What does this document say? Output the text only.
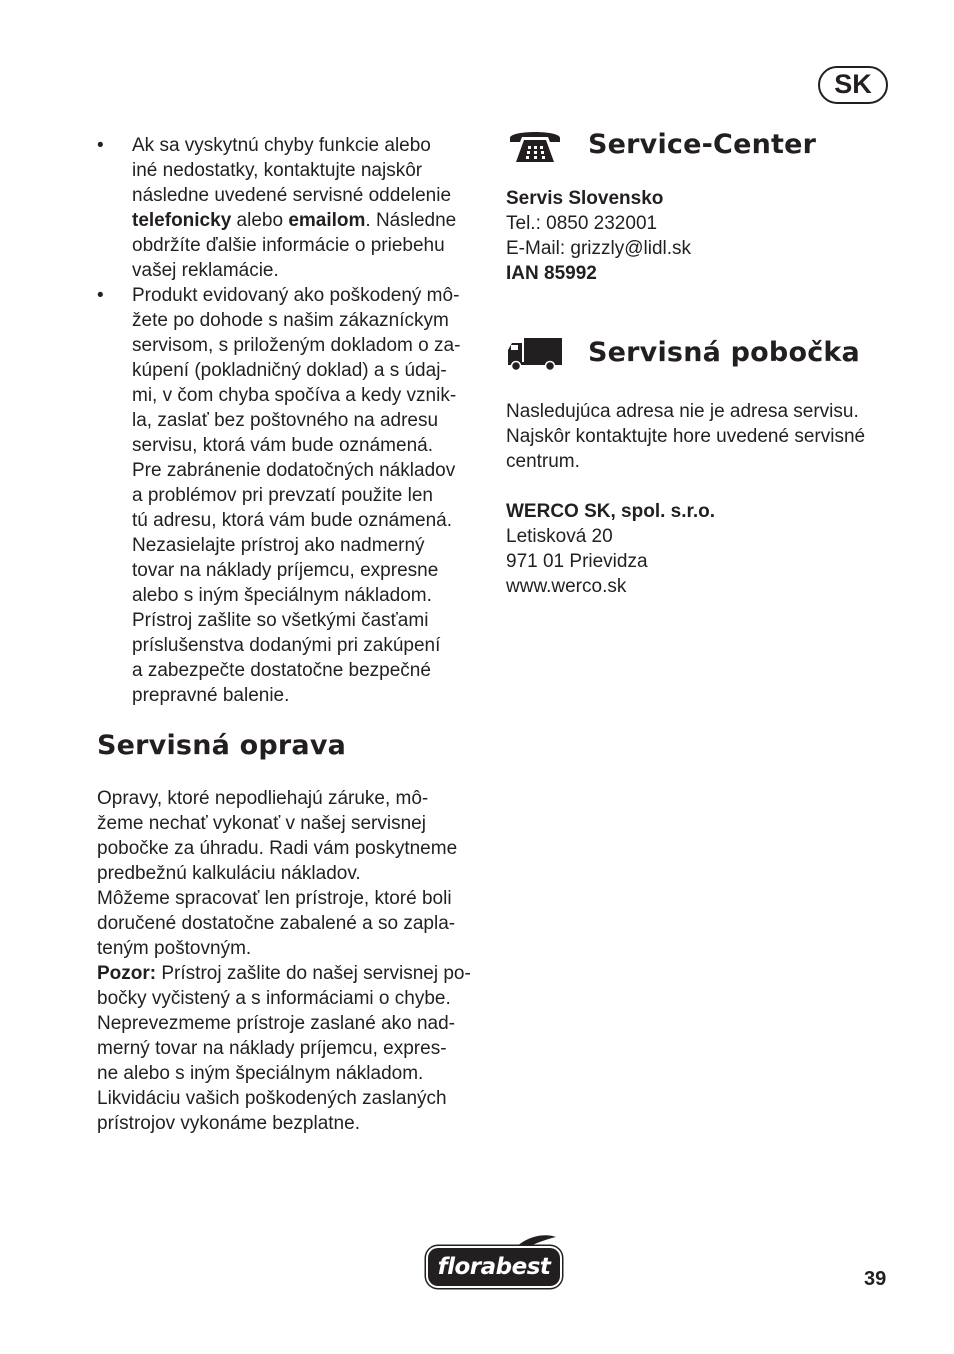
SK
• Ak sa vyskytnú chyby funkcie alebo
iné nedostatky, kontaktujte najskôr
následne uvedené servisné oddelenie
telefonicky alebo emailom. Následne
obdržíte ďalšie informácie o priebehu
vašej reklamácie.
• Produkt evidovaný ako poškodený mô-
žete po dohode s našim zákazníckym
servisom, s priloženým dokladom o za-
kúpení (pokladničný doklad) a s údaj-
mi, v čom chyba spočíva a kedy vznik-
la, zaslať bez poštovného na adresu
servisu, ktorá vám bude oznámená.
Pre zabránenie dodatočných nákladov
a problémov pri prevzatí použite len
tú adresu, ktorá vám bude oznámená.
Nezasielajte prístroj ako nadmerný
tovar na náklady príjemcu, expresne
alebo s iným špeciálnym nákladom.
Prístroj zašlite so všetkými časťami
príslušenstva dodanými pri zakúpení
a zabezpečte dostatočne bezpečné
prepravné balenie.
Servisná oprava

Opravy, ktoré nepodliehajú záruke, mô-
žeme nechať vykonať v našej servisnej
pobočke za úhradu. Radi vám poskytneme
predbežnú kalkuláciu nákladov.
Môžeme spracovať len prístroje, ktoré boli
doručené dostatočne zabalené a so zapla-
teným poštovným.
Pozor: Prístroj zašlite do našej servisnej po-
bočky vyčistený a s informáciami o chybe.
Neprevezmeme prístroje zaslané ako nad-
merný tovar na náklady príjemcu, expres-
ne alebo s iným špeciálnym nákladom.
Likvidáciu vašich poškodených zaslaných
prístrojov vykonáme bezplatne.

Service-Center
Servis Slovensko
Tel.: 0850 232001
E-Mail: grizzly@lidl.sk
IAN 85992
Servisná pobočka
Nasledujúca adresa nie je adresa servisu.
Najskôr kontaktujte hore uvedené servisné
centrum.
WERCO SK, spol. s.r.o.
Letisková 20
971 01 Prievidza
www.werco.sk
florabest	39
